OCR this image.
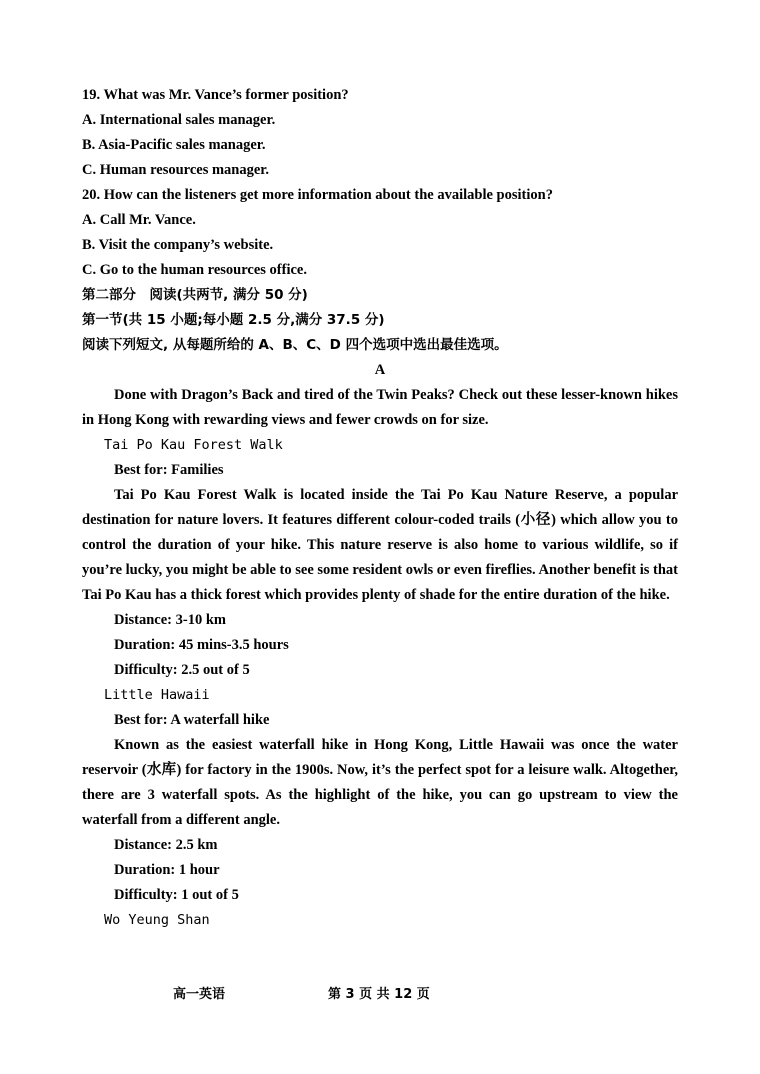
19. What was Mr. Vance’s former position?

A. International sales manager.

B. Asia-Pacific sales manager.

C. Human resources manager.

20. How can the listeners get more information about the available position?

A. Call Mr. Vance.

B. Visit the company’s website.

C. Go to the human resources office.

第二部分　阅读(共两节, 满分 50 分)

第一节(共 15 小题;每小题 2.5 分,满分 37.5 分)

阅读下列短文, 从每题所给的 A、B、C、D 四个选项中选出最佳选项。

A

Done with Dragon’s Back and tired of the Twin Peaks? Check out these lesser-known hikes in Hong Kong with rewarding views and fewer crowds on for size.

Tai Po Kau Forest Walk

Best for: Families

Tai Po Kau Forest Walk is located inside the Tai Po Kau Nature Reserve, a popular destination for nature lovers. It features different colour-coded trails (小径) which allow you to control the duration of your hike. This nature reserve is also home to various wildlife, so if you’re lucky, you might be able to see some resident owls or even fireflies. Another benefit is that Tai Po Kau has a thick forest which provides plenty of shade for the entire duration of the hike.

Distance: 3-10 km

Duration: 45 mins-3.5 hours

Difficulty: 2.5 out of 5

Little Hawaii

Best for: A waterfall hike

Known as the easiest waterfall hike in Hong Kong, Little Hawaii was once the water reservoir (水库) for factory in the 1900s. Now, it’s the perfect spot for a leisure walk. Altogether, there are 3 waterfall spots. As the highlight of the hike, you can go upstream to view the waterfall from a different angle.

Distance: 2.5 km

Duration: 1 hour

Difficulty: 1 out of 5

Wo Yeung Shan
高一英语	第 3 页 共 12 页
